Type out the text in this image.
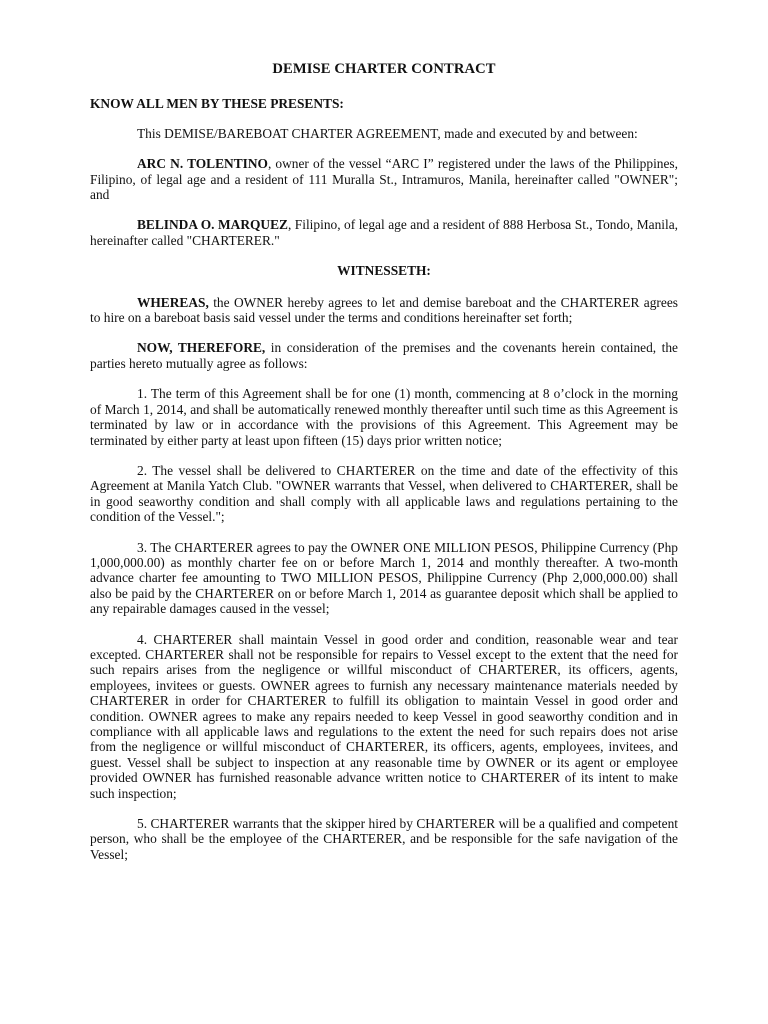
DEMISE CHARTER CONTRACT
KNOW ALL MEN BY THESE PRESENTS:

This DEMISE/BAREBOAT CHARTER AGREEMENT, made and executed by and between:

ARC N. TOLENTINO, owner of the vessel “ARC I” registered under the laws of the Philippines, Filipino, of legal age and a resident of 111 Muralla St., Intramuros, Manila, hereinafter called "OWNER"; and

BELINDA O. MARQUEZ, Filipino, of legal age and a resident of 888 Herbosa St., Tondo, Manila, hereinafter called "CHARTERER."

WITNESSETH:

WHEREAS, the OWNER hereby agrees to let and demise bareboat and the CHARTERER agrees to hire on a bareboat basis said vessel under the terms and conditions hereinafter set forth;

NOW, THEREFORE, in consideration of the premises and the covenants herein contained, the parties hereto mutually agree as follows:

1. The term of this Agreement shall be for one (1) month, commencing at 8 o’clock in the morning of March 1, 2014, and shall be automatically renewed monthly thereafter until such time as this Agreement is terminated by law or in accordance with the provisions of this Agreement. This Agreement may be terminated by either party at least upon fifteen (15) days prior written notice;

2. The vessel shall be delivered to CHARTERER on the time and date of the effectivity of this Agreement at Manila Yatch Club. "OWNER warrants that Vessel, when delivered to CHARTERER, shall be in good seaworthy condition and shall comply with all applicable laws and regulations pertaining to the condition of the Vessel.";

3. The CHARTERER agrees to pay the OWNER ONE MILLION PESOS, Philippine Currency (Php 1,000,000.00) as monthly charter fee on or before March 1, 2014 and monthly thereafter. A two-month advance charter fee amounting to TWO MILLION PESOS, Philippine Currency (Php 2,000,000.00) shall also be paid by the CHARTERER on or before March 1, 2014 as guarantee deposit which shall be applied to any repairable damages caused in the vessel;

4. CHARTERER shall maintain Vessel in good order and condition, reasonable wear and tear excepted. CHARTERER shall not be responsible for repairs to Vessel except to the extent that the need for such repairs arises from the negligence or willful misconduct of CHARTERER, its officers, agents, employees, invitees or guests. OWNER agrees to furnish any necessary maintenance materials needed by CHARTERER in order for CHARTERER to fulfill its obligation to maintain Vessel in good order and condition. OWNER agrees to make any repairs needed to keep Vessel in good seaworthy condition and in compliance with all applicable laws and regulations to the extent the need for such repairs does not arise from the negligence or willful misconduct of CHARTERER, its officers, agents, employees, invitees, and guest. Vessel shall be subject to inspection at any reasonable time by OWNER or its agent or employee provided OWNER has furnished reasonable advance written notice to CHARTERER of its intent to make such inspection;

5. CHARTERER warrants that the skipper hired by CHARTERER will be a qualified and competent person, who shall be the employee of the CHARTERER, and be responsible for the safe navigation of the Vessel;
